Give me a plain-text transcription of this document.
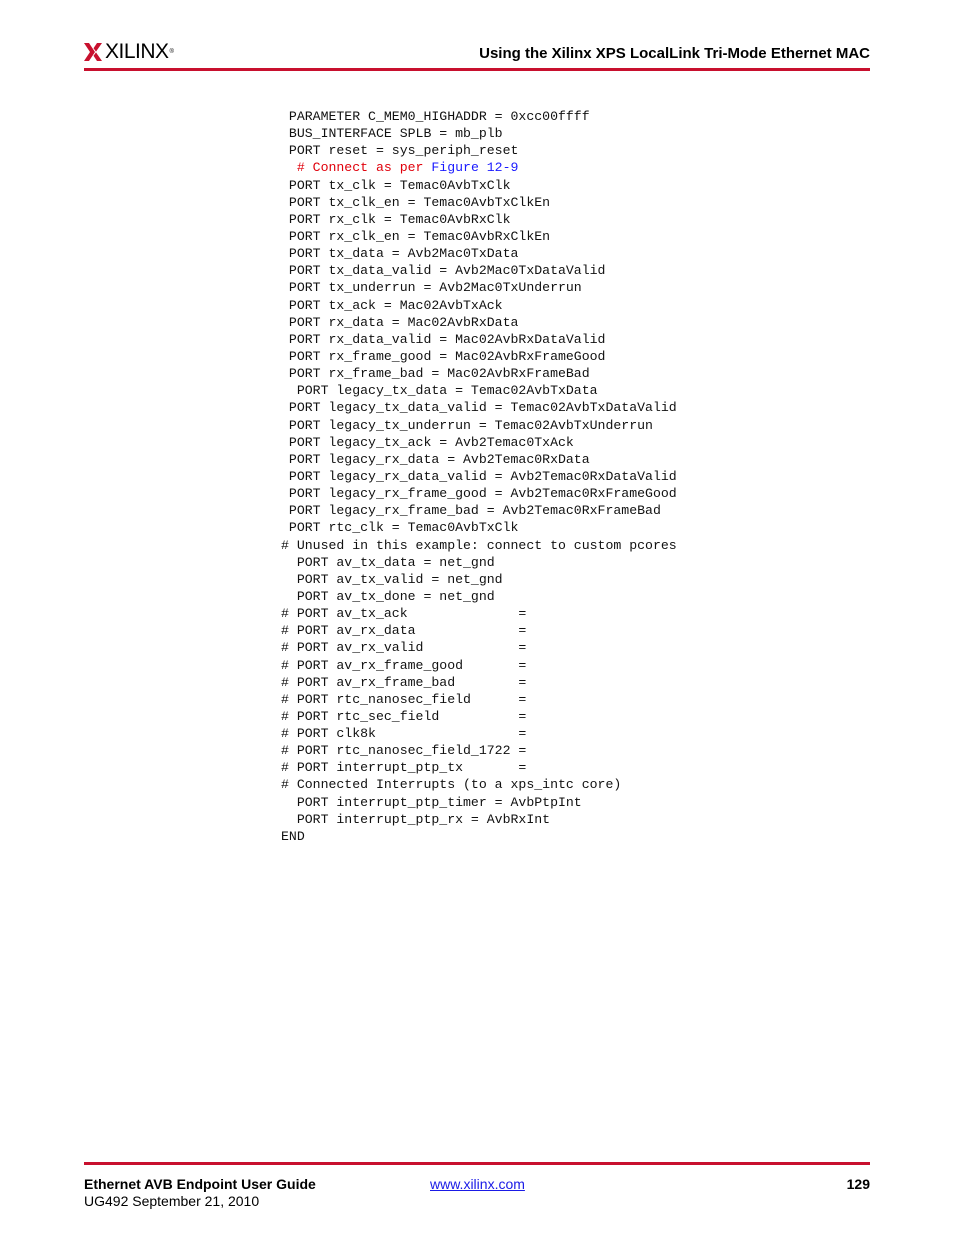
XILINX®	Using the Xilinx XPS LocalLink Tri-Mode Ethernet MAC
PARAMETER C_MEM0_HIGHADDR = 0xcc00ffff
BUS_INTERFACE SPLB = mb_plb
PORT reset = sys_periph_reset
# Connect as per Figure 12-9
PORT tx_clk = Temac0AvbTxClk
PORT tx_clk_en = Temac0AvbTxClkEn
PORT rx_clk = Temac0AvbRxClk
PORT rx_clk_en = Temac0AvbRxClkEn
PORT tx_data = Avb2Mac0TxData
PORT tx_data_valid = Avb2Mac0TxDataValid
PORT tx_underrun = Avb2Mac0TxUnderrun
PORT tx_ack = Mac02AvbTxAck
PORT rx_data = Mac02AvbRxData
PORT rx_data_valid = Mac02AvbRxDataValid
PORT rx_frame_good = Mac02AvbRxFrameGood
PORT rx_frame_bad = Mac02AvbRxFrameBad
PORT legacy_tx_data = Temac02AvbTxData
PORT legacy_tx_data_valid = Temac02AvbTxDataValid
PORT legacy_tx_underrun = Temac02AvbTxUnderrun
PORT legacy_tx_ack = Avb2Temac0TxAck
PORT legacy_rx_data = Avb2Temac0RxData
PORT legacy_rx_data_valid = Avb2Temac0RxDataValid
PORT legacy_rx_frame_good = Avb2Temac0RxFrameGood
PORT legacy_rx_frame_bad = Avb2Temac0RxFrameBad
PORT rtc_clk = Temac0AvbTxClk
# Unused in this example: connect to custom pcores
PORT av_tx_data = net_gnd
PORT av_tx_valid = net_gnd
PORT av_tx_done = net_gnd
# PORT av_tx_ack              =
# PORT av_rx_data             =
# PORT av_rx_valid            =
# PORT av_rx_frame_good       =
# PORT av_rx_frame_bad        =
# PORT rtc_nanosec_field      =
# PORT rtc_sec_field          =
# PORT clk8k                  =
# PORT rtc_nanosec_field_1722 =
# PORT interrupt_ptp_tx       =
# Connected Interrupts (to a xps_intc core)
PORT interrupt_ptp_timer = AvbPtpInt
PORT interrupt_ptp_rx = AvbRxInt
END
Ethernet AVB Endpoint User Guide
UG492 September 21, 2010
www.xilinx.com	129
